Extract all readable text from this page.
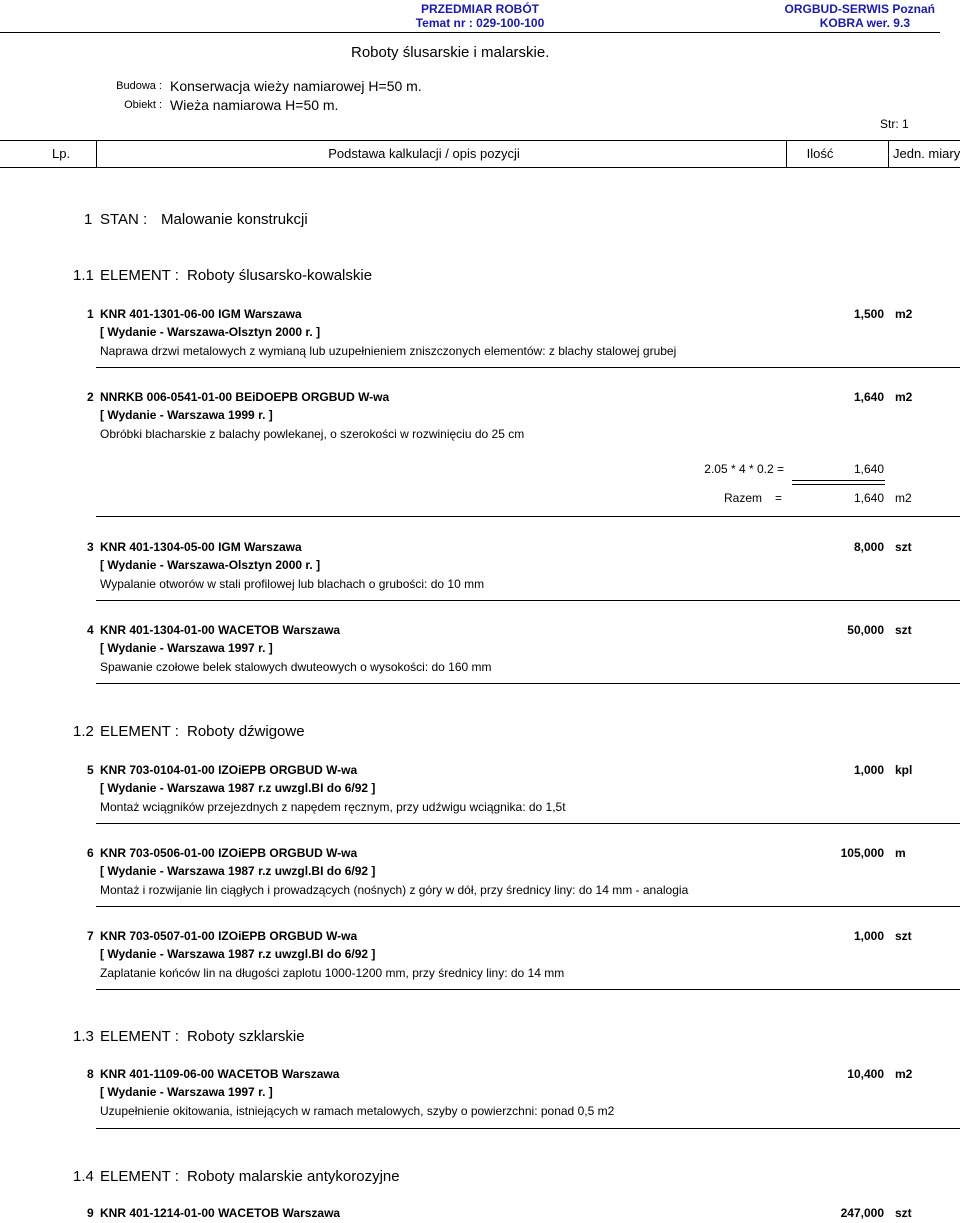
PRZEDMIAR ROBÓT
Temat nr : 029-100-100
ORGBUD-SERWIS Poznań
KOBRA wer. 9.3
Roboty ślusarskie i malarskie.
Budowa : Konserwacja wieży namiarowej H=50 m.
Obiekt : Wieża namiarowa H=50 m.
Str: 1
Lp.	Podstawa kalkulacji / opis pozycji	Ilość	Jedn. miary
1 STAN : Malowanie konstrukcji
1.1 ELEMENT : Roboty ślusarsko-kowalskie
1 KNR 401-1301-06-00 IGM Warszawa	1,500 m2
[ Wydanie - Warszawa-Olsztyn 2000 r. ]
Naprawa drzwi metalowych z wymianą lub uzupełnieniem zniszczonych elementów: z blachy stalowej grubej
2 NNRKB 006-0541-01-00 BEiDOEPB ORGBUD W-wa	1,640 m2
[ Wydanie - Warszawa 1999 r. ]
Obróbki blacharskie z balachy powlekanej, o szerokości w rozwinięciu do 25 cm
2.05 * 4 * 0.2 =	1,640
Razem =	1,640 m2
3 KNR 401-1304-05-00 IGM Warszawa	8,000 szt
[ Wydanie - Warszawa-Olsztyn 2000 r. ]
Wypalanie otworów w stali profilowej lub blachach o grubości: do 10 mm
4 KNR 401-1304-01-00 WACETOB Warszawa	50,000 szt
[ Wydanie - Warszawa 1997 r. ]
Spawanie czołowe belek stalowych dwuteowych o wysokości: do 160 mm
1.2 ELEMENT : Roboty dźwigowe
5 KNR 703-0104-01-00 IZOiEPB ORGBUD W-wa	1,000 kpl
[ Wydanie - Warszawa 1987 r.z uwzgl.BI do 6/92 ]
Montaż wciągników przejezdnych z napędem ręcznym, przy udźwigu wciągnika: do 1,5t
6 KNR 703-0506-01-00 IZOiEPB ORGBUD W-wa	105,000 m
[ Wydanie - Warszawa 1987 r.z uwzgl.BI do 6/92 ]
Montaż i rozwijanie lin ciągłych i prowadzących (nośnych) z góry w dół, przy średnicy liny: do 14 mm - analogia
7 KNR 703-0507-01-00 IZOiEPB ORGBUD W-wa	1,000 szt
[ Wydanie - Warszawa 1987 r.z uwzgl.BI do 6/92 ]
Zaplatanie końców lin na długości zaplotu 1000-1200 mm, przy średnicy liny: do 14 mm
1.3 ELEMENT : Roboty szklarskie
8 KNR 401-1109-06-00 WACETOB Warszawa	10,400 m2
[ Wydanie - Warszawa 1997 r. ]
Uzupełnienie okitowania, istniejących w ramach metalowych, szyby o powierzchni: ponad 0,5 m2
1.4 ELEMENT : Roboty malarskie antykorozyjne
9 KNR 401-1214-01-00 WACETOB Warszawa	247,000 szt
